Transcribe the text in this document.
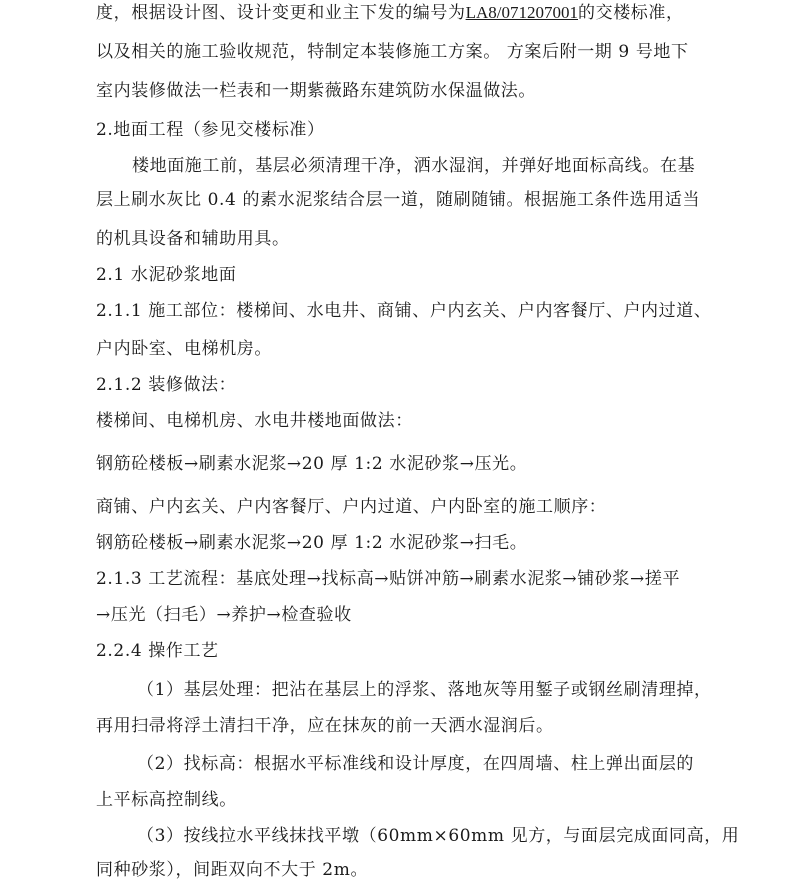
度，根据设计图、设计变更和业主下发的编号为LA8/071207001的交楼标准，
以及相关的施工验收规范，特制定本装修施工方案。 方案后附一期 9 号地下
室内装修做法一栏表和一期紫薇路东建筑防水保温做法。
2.地面工程（参见交楼标准）
楼地面施工前，基层必须清理干净，洒水湿润，并弹好地面标高线。在基
层上刷水灰比 0.4 的素水泥浆结合层一道，随刷随铺。根据施工条件选用适当
的机具设备和辅助用具。
2.1 水泥砂浆地面
2.1.1 施工部位：楼梯间、水电井、商铺、户内玄关、户内客餐厅、户内过道、
户内卧室、电梯机房。
2.1.2 装修做法：
楼梯间、电梯机房、水电井楼地面做法：
钢筋砼楼板→刷素水泥浆→20 厚 1:2 水泥砂浆→压光。
商铺、户内玄关、户内客餐厅、户内过道、户内卧室的施工顺序：
钢筋砼楼板→刷素水泥浆→20 厚 1:2 水泥砂浆→扫毛。
2.1.3 工艺流程：基底处理→找标高→贴饼冲筋→刷素水泥浆→铺砂浆→搓平
→压光（扫毛）→养护→检查验收
2.2.4 操作工艺
（1）基层处理：把沾在基层上的浮浆、落地灰等用錾子或钢丝刷清理掉，
再用扫帚将浮土清扫干净，应在抹灰的前一天洒水湿润后。
（2）找标高：根据水平标准线和设计厚度，在四周墙、柱上弹出面层的
上平标高控制线。
（3）按线拉水平线抹找平墩（60mm×60mm 见方，与面层完成面同高，用
同种砂浆），间距双向不大于 2m。
